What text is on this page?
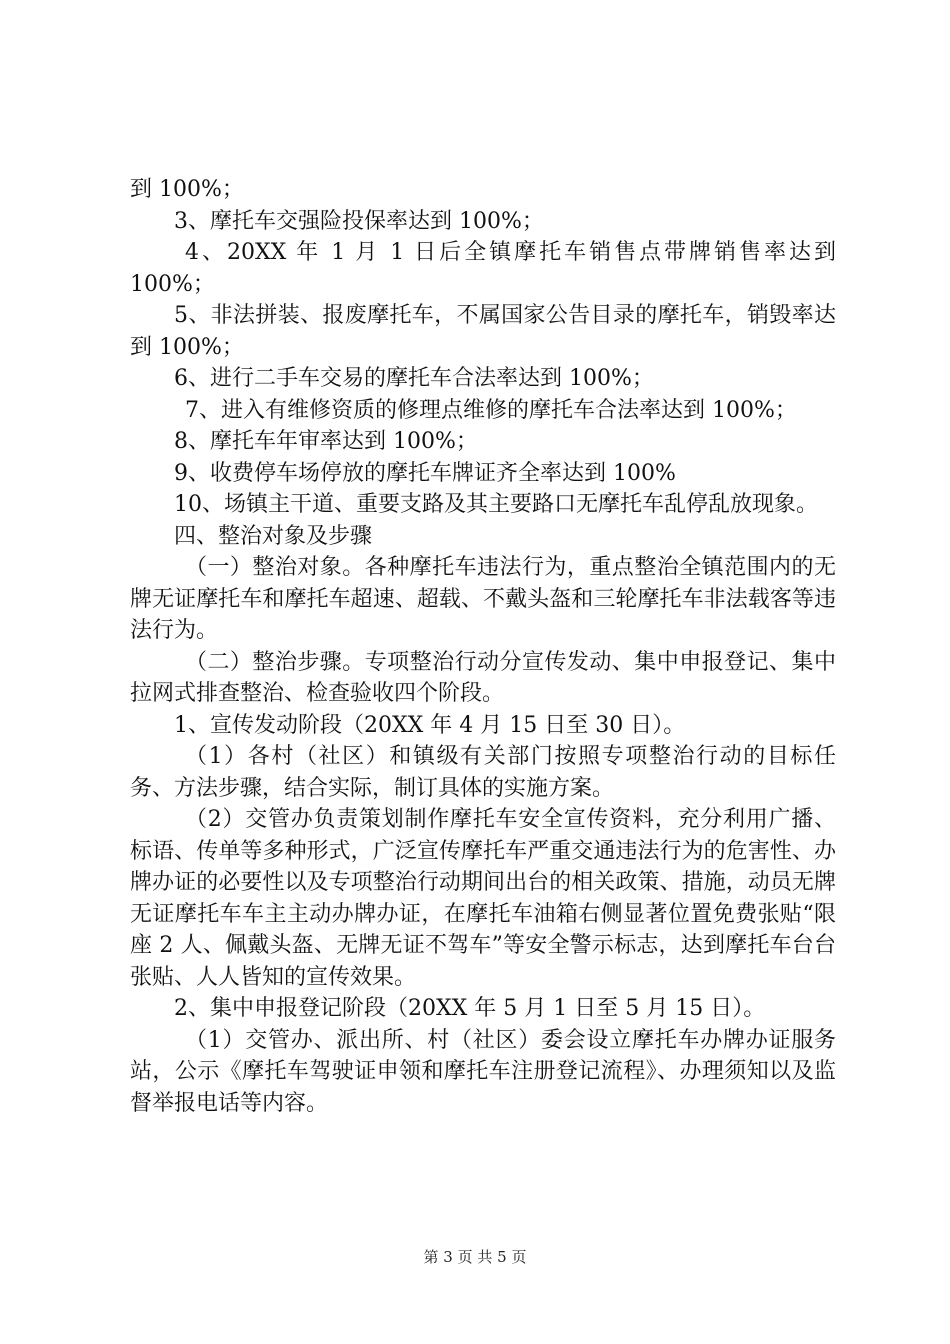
到 100%；

3、摩托车交强险投保率达到 100%；

4、20XX 年 1 月 1 日后全镇摩托车销售点带牌销售率达到 100%；

5、非法拼装、报废摩托车，不属国家公告目录的摩托车，销毁率达到 100%；

6、进行二手车交易的摩托车合法率达到 100%；

7、进入有维修资质的修理点维修的摩托车合法率达到 100%；

8、摩托车年审率达到 100%；

9、收费停车场停放的摩托车牌证齐全率达到 100%

10、场镇主干道、重要支路及其主要路口无摩托车乱停乱放现象。

四、整治对象及步骤

（一）整治对象。各种摩托车违法行为，重点整治全镇范围内的无牌无证摩托车和摩托车超速、超载、不戴头盔和三轮摩托车非法载客等违法行为。

（二）整治步骤。专项整治行动分宣传发动、集中申报登记、集中拉网式排查整治、检查验收四个阶段。

1、宣传发动阶段（20XX 年 4 月 15 日至 30 日）。

（1）各村（社区）和镇级有关部门按照专项整治行动的目标任务、方法步骤，结合实际，制订具体的实施方案。

（2）交管办负责策划制作摩托车安全宣传资料，充分利用广播、标语、传单等多种形式，广泛宣传摩托车严重交通违法行为的危害性、办牌办证的必要性以及专项整治行动期间出台的相关政策、措施，动员无牌无证摩托车车主主动办牌办证，在摩托车油箱右侧显著位置免费张贴“限座 2 人、佩戴头盔、无牌无证不驾车”等安全警示标志，达到摩托车台台张贴、人人皆知的宣传效果。

2、集中申报登记阶段（20XX 年 5 月 1 日至 5 月 15 日）。

（1）交管办、派出所、村（社区）委会设立摩托车办牌办证服务站，公示《摩托车驾驶证申领和摩托车注册登记流程》、办理须知以及监督举报电话等内容。

第 3 页 共 5 页
